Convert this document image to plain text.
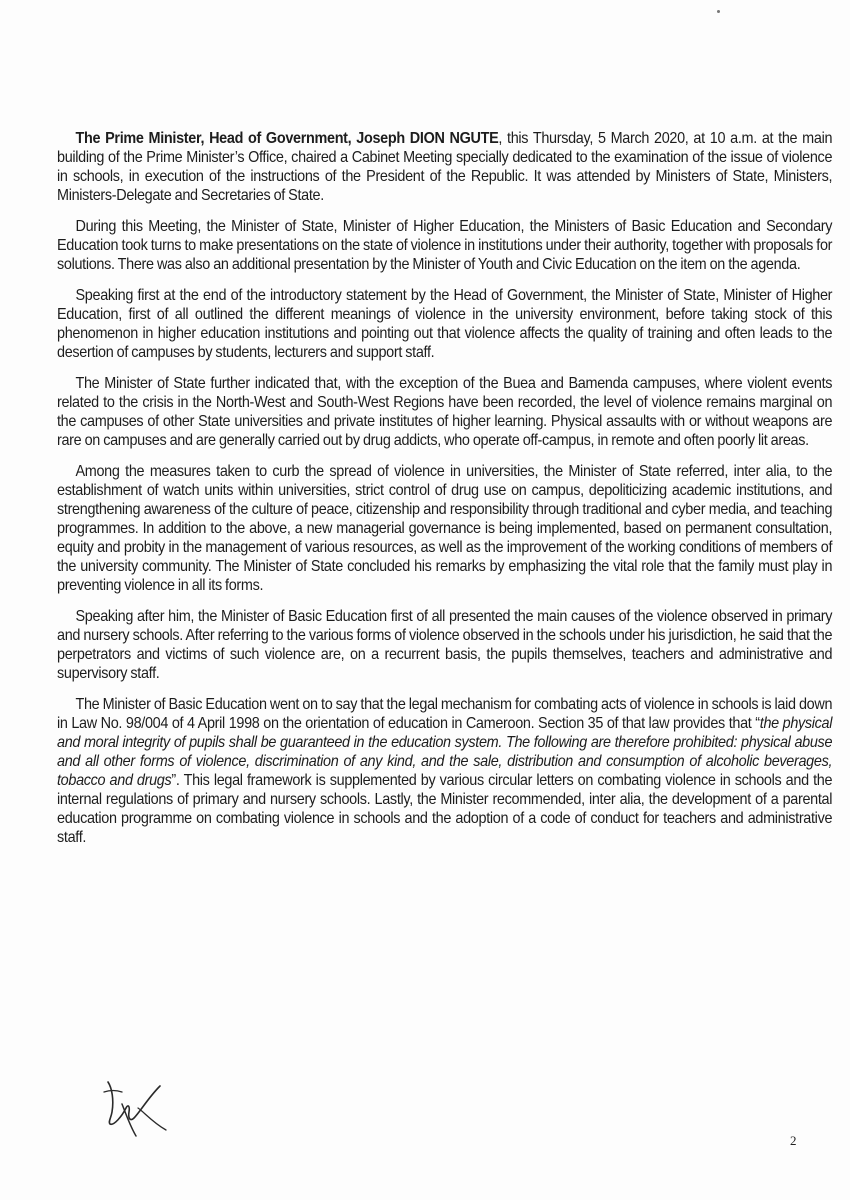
The Prime Minister, Head of Government, Joseph DION NGUTE, this Thursday, 5 March 2020, at 10 a.m. at the main building of the Prime Minister’s Office, chaired a Cabinet Meeting specially dedicated to the examination of the issue of violence in schools, in execution of the instructions of the President of the Republic. It was attended by Ministers of State, Ministers, Ministers-Delegate and Secretaries of State.

During this Meeting, the Minister of State, Minister of Higher Education, the Ministers of Basic Education and Secondary Education took turns to make presentations on the state of violence in institutions under their authority, together with proposals for solutions. There was also an additional presentation by the Minister of Youth and Civic Education on the item on the agenda.

Speaking first at the end of the introductory statement by the Head of Government, the Minister of State, Minister of Higher Education, first of all outlined the different meanings of violence in the university environment, before taking stock of this phenomenon in higher education institutions and pointing out that violence affects the quality of training and often leads to the desertion of campuses by students, lecturers and support staff.

The Minister of State further indicated that, with the exception of the Buea and Bamenda campuses, where violent events related to the crisis in the North-West and South-West Regions have been recorded, the level of violence remains marginal on the campuses of other State universities and private institutes of higher learning. Physical assaults with or without weapons are rare on campuses and are generally carried out by drug addicts, who operate off-campus, in remote and often poorly lit areas.

Among the measures taken to curb the spread of violence in universities, the Minister of State referred, inter alia, to the establishment of watch units within universities, strict control of drug use on campus, depoliticizing academic institutions, and strengthening awareness of the culture of peace, citizenship and responsibility through traditional and cyber media, and teaching programmes. In addition to the above, a new managerial governance is being implemented, based on permanent consultation, equity and probity in the management of various resources, as well as the improvement of the working conditions of members of the university community. The Minister of State concluded his remarks by emphasizing the vital role that the family must play in preventing violence in all its forms.

Speaking after him, the Minister of Basic Education first of all presented the main causes of the violence observed in primary and nursery schools. After referring to the various forms of violence observed in the schools under his jurisdiction, he said that the perpetrators and victims of such violence are, on a recurrent basis, the pupils themselves, teachers and administrative and supervisory staff.

The Minister of Basic Education went on to say that the legal mechanism for combating acts of violence in schools is laid down in Law No. 98/004 of 4 April 1998 on the orientation of education in Cameroon. Section 35 of that law provides that “the physical and moral integrity of pupils shall be guaranteed in the education system. The following are therefore prohibited: physical abuse and all other forms of violence, discrimination of any kind, and the sale, distribution and consumption of alcoholic beverages, tobacco and drugs”. This legal framework is supplemented by various circular letters on combating violence in schools and the internal regulations of primary and nursery schools. Lastly, the Minister recommended, inter alia, the development of a parental education programme on combating violence in schools and the adoption of a code of conduct for teachers and administrative staff.

2
